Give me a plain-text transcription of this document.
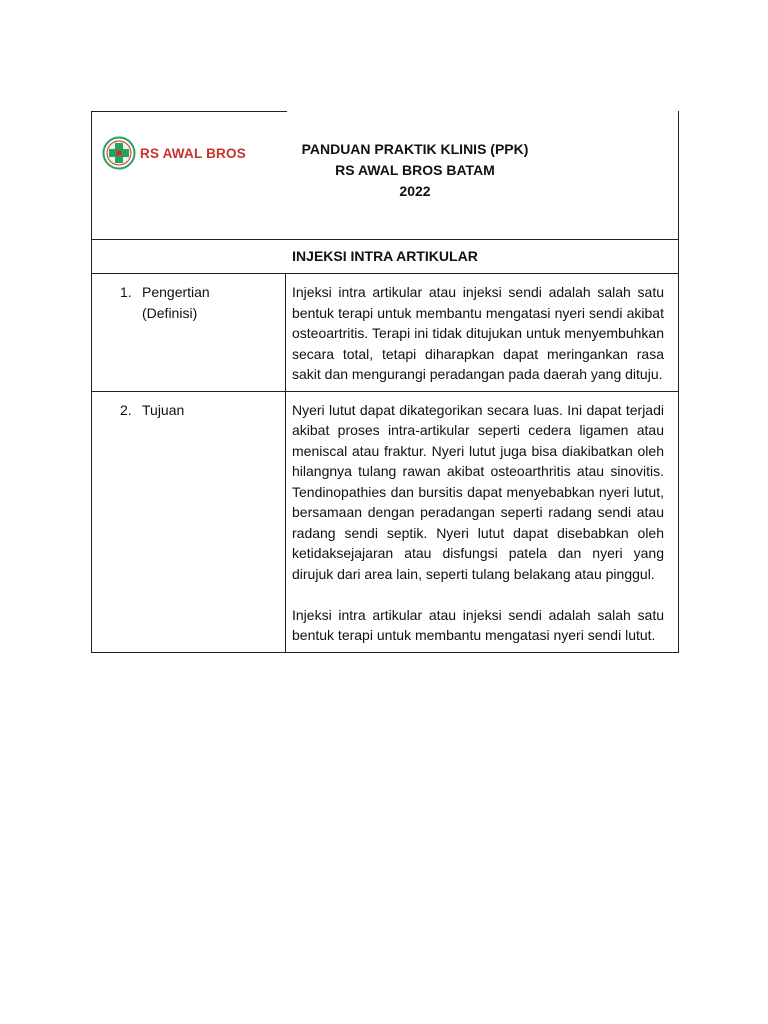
RS AWAL BROS	PANDUAN PRAKTIK KLINIS (PPK)
RS AWAL BROS BATAM
2022
INJEKSI INTRA ARTIKULAR
1. Pengertian (Definisi)

Injeksi intra artikular atau injeksi sendi adalah salah satu bentuk terapi untuk membantu mengatasi nyeri sendi akibat osteoartritis. Terapi ini tidak ditujukan untuk menyembuhkan secara total, tetapi diharapkan dapat meringankan rasa sakit dan mengurangi peradangan pada daerah yang dituju.

2. Tujuan	Nyeri lutut dapat dikategorikan secara luas. Ini dapat terjadi akibat proses intra-artikular seperti cedera ligamen atau meniscal atau fraktur. Nyeri lutut juga bisa diakibatkan oleh hilangnya tulang rawan akibat osteoarthritis atau sinovitis. Tendinopathies dan bursitis dapat menyebabkan nyeri lutut, bersamaan dengan peradangan seperti radang sendi atau radang sendi septik. Nyeri lutut dapat disebabkan oleh ketidaksejajaran atau disfungsi patela dan nyeri yang dirujuk dari area lain, seperti tulang belakang atau pinggul.

Injeksi intra artikular atau injeksi sendi adalah salah satu bentuk terapi untuk membantu mengatasi nyeri sendi lutut.
